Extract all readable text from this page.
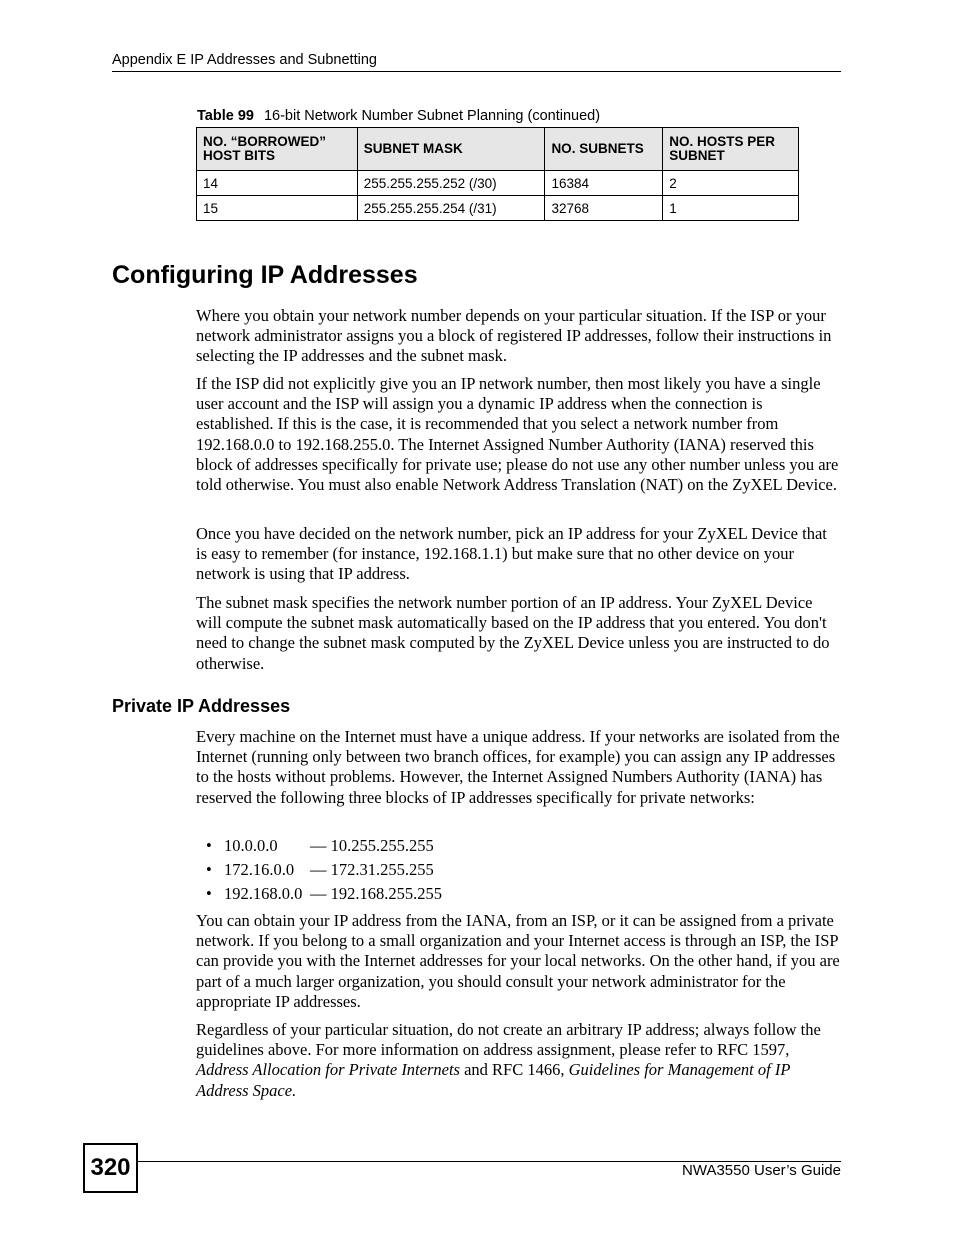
Appendix E IP Addresses and Subnetting
Table 99 16-bit Network Number Subnet Planning (continued)
NO. “BORROWED” HOST BITS	SUBNET MASK	NO. SUBNETS	NO. HOSTS PER SUBNET
14	255.255.255.252 (/30)	16384	2
15	255.255.255.254 (/31)	32768	1
Configuring IP Addresses

Where you obtain your network number depends on your particular situation. If the ISP or your network administrator assigns you a block of registered IP addresses, follow their instructions in selecting the IP addresses and the subnet mask.

If the ISP did not explicitly give you an IP network number, then most likely you have a single user account and the ISP will assign you a dynamic IP address when the connection is established. If this is the case, it is recommended that you select a network number from 192.168.0.0 to 192.168.255.0. The Internet Assigned Number Authority (IANA) reserved this block of addresses specifically for private use; please do not use any other number unless you are told otherwise. You must also enable Network Address Translation (NAT) on the ZyXEL Device.

Once you have decided on the network number, pick an IP address for your ZyXEL Device that is easy to remember (for instance, 192.168.1.1) but make sure that no other device on your network is using that IP address.

The subnet mask specifies the network number portion of an IP address. Your ZyXEL Device will compute the subnet mask automatically based on the IP address that you entered. You don't need to change the subnet mask computed by the ZyXEL Device unless you are instructed to do otherwise.

Private IP Addresses

Every machine on the Internet must have a unique address. If your networks are isolated from the Internet (running only between two branch offices, for example) you can assign any IP addresses to the hosts without problems. However, the Internet Assigned Numbers Authority (IANA) has reserved the following three blocks of IP addresses specifically for private networks:

• 10.0.0.0 — 10.255.255.255
• 172.16.0.0 — 172.31.255.255
• 192.168.0.0 — 192.168.255.255

You can obtain your IP address from the IANA, from an ISP, or it can be assigned from a private network. If you belong to a small organization and your Internet access is through an ISP, the ISP can provide you with the Internet addresses for your local networks. On the other hand, if you are part of a much larger organization, you should consult your network administrator for the appropriate IP addresses.

Regardless of your particular situation, do not create an arbitrary IP address; always follow the guidelines above. For more information on address assignment, please refer to RFC 1597, Address Allocation for Private Internets and RFC 1466, Guidelines for Management of IP Address Space.

320	NWA3550 User’s Guide
